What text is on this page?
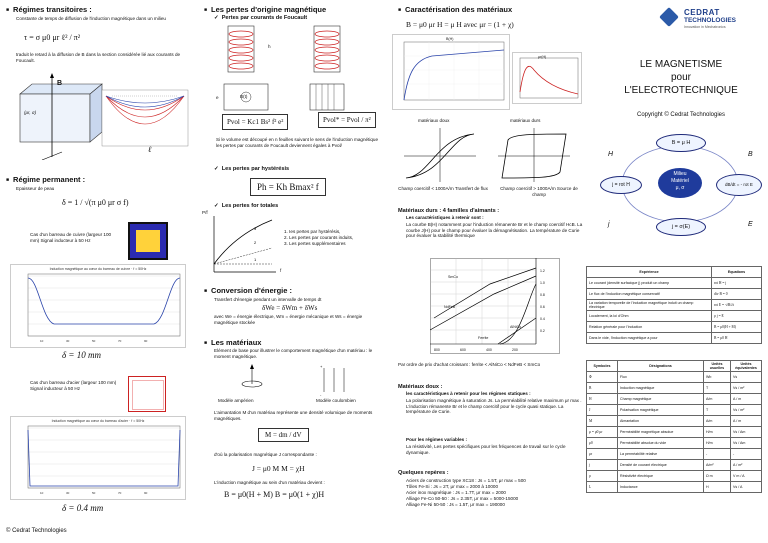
■ Régimes transitoires :
Constante de temps de diffusion de l'induction magnétique dans un milieu
τ = σ μ0 μr ℓ² / π²
traduit le retard à la diffusion de B dans la section considérée lié aux courants de Foucault.
(μr, σ)
B
ℓ
■ Régime permanent :
Epaisseur de peau
δ = 1 / √(π μ0 μr σ f)
Cas d'un barreau de cuivre (largeur 100 mm) Signal inducteur à 50 Hz
Induction magnétique au cœur du barreau de cuivre · f = 50Hz
10	30	50	70	90
δ = 10 mm
Cas d'un barreau d'acier (largeur 100 mm) Signal inducteur à 50 Hz
Induction magnétique au cœur du barreau d'acier · f = 50Hz
10	30	50	70	90
δ = 0.4 mm
© Cedrat Technologies
■ Les pertes d'origine magnétique
✓ Pertes par courants de Foucault
h
e	B(t)
Pvol = Kc1 Bs² f² e²	Pvol* = Pvol / π²
Si le volume est découpé en n feuilles suivant le sens de l'induction magnétique les pertes par courants de Foucault deviennent égales à Pvol/
✓ Les pertes par hystérésis
Ph = Kh Bmax² f
✓ Les pertes for totales
3
2
1
P/f
f
1. Ies pertes par hystérésis,
2. Les pertes par courants induits,
3. Les pertes supplémentaires
■ Conversion d'énergie :
Transfert d'énergie pendant un intervalle de temps dt
δWe = δWm + δWs
avec We = énergie électrique, Wm = énergie mécanique et Ws = énergie magnétique stockée
■ Les matériaux
Elément de base pour illustrer le comportement magnétique d'un matériau : le moment magnétique.
+
-
Modèle ampérien	Modèle coulombien
L'aimantation M d'un matériau représente une densité volumique de moments magnétiques.
M = dm / dV
d'où la polarisation magnétique J correspondante :
J = μ0 M M = χH
L'induction magnétique au sein d'un matériau devient :
B = μ0(H + M) B = μ0(1 + χ)H
■ Caractérisation des matériaux
B = μ0 μr H = μ H avec μr = (1 + χ)
B(H)
μr(H)
matériaux doux	matériaux durs
Champ coercitif < 1000A/m Transfert de flux	Champ coercitif > 1000A/m Source de champ
Matériaux durs : 4 familles d'aimants :
Les caractéristiques à retenir sont :
La courbe B(H) notamment pour l'induction rémanente Br et le champ coercitif HcB. La courbe J(H) pour le champ pour évaluer la démagnétisation. La température de Curie pour évaluer la stabilité thermique
1.2
1.0
0.8
0.6
0.4
0.2
800	600	400	200
SmCo
NdFeB
AlNiCo
Ferrite
Par ordre de prix d'achat croissant : ferrite < AlNiCo < NdFeB < SmCo
Matériaux doux :
les caractéristiques à retenir pour les régimes statiques :
La polarisation magnétique à saturation Js. La perméabilité relative maximum μr max . L'induction rémanente Br et le champ coercitif pour le cycle quasi statique. La température de Curie.
Pour les régimes variables :
La résistivité, Les pertes spécifiques pour les fréquences de travail sur le cycle dynamique.
Quelques repères :
Aciers de construction type XC18 : Js = 1.5T, μr max = 500
Tôles Fe-Si : Js = 2T, μr max = 2000 à 10000
Acier inox magnétique : Js = 1.7T, μr max = 2000
Alliage Fe-Co 50-50 : Js = 2.35T, μr max = 5000-15000
Alliage Fe-Ni 50-50 : Js = 1.5T, μr max = 190000
CEDRAT
TECHNOLOGIES
Innovation in Mechatronics
LE MAGNETISME
pour
L'ELECTROTECHNIQUE
Copyright © Cedrat Technologies
H	B
j	E
B = μ H
j = rot H	dB/dt = - rot E
j = σ(E)
Milieu
Matériel
μ, σ
Expérience	Equations
Le courant (densité surfacique j) produit un champ	rot H = j
Le flux de l'induction magnétique conservatif	div B = 0
La variation temporelle de l'induction magnétique induit un champ électrique	rot E = -∂B/∂t
Localement, la loi d'Ohm	ρ j = E
Relation générale pour l'induction	B = μ0(H + M)
Dans le vide, l'induction magnétique a pour	B = μ0 H
Symboles	Désignations	Unités usuelles	Unités équivalentes
Φ	Flux	Wb	Vs
B	Induction magnétique	T	Vs / m²
H	Champ magnétique	A/m	A / m
J	Polarisation magnétique	T	Vs / m²
M	Aimantation	A/m	A / m
μ = μ0 μr	Perméabilité magnétique absolue	H/m	Vs / Am
μ0	Perméabilité absolue du vide	H/m	Vs / Am
μr	La perméabilité relative	-	-
j	Densité de courant électrique	A/m²	A / m²
ρ	Résistivité électrique	Ω m	V m / A
L	Inductance	H	Vs / A
